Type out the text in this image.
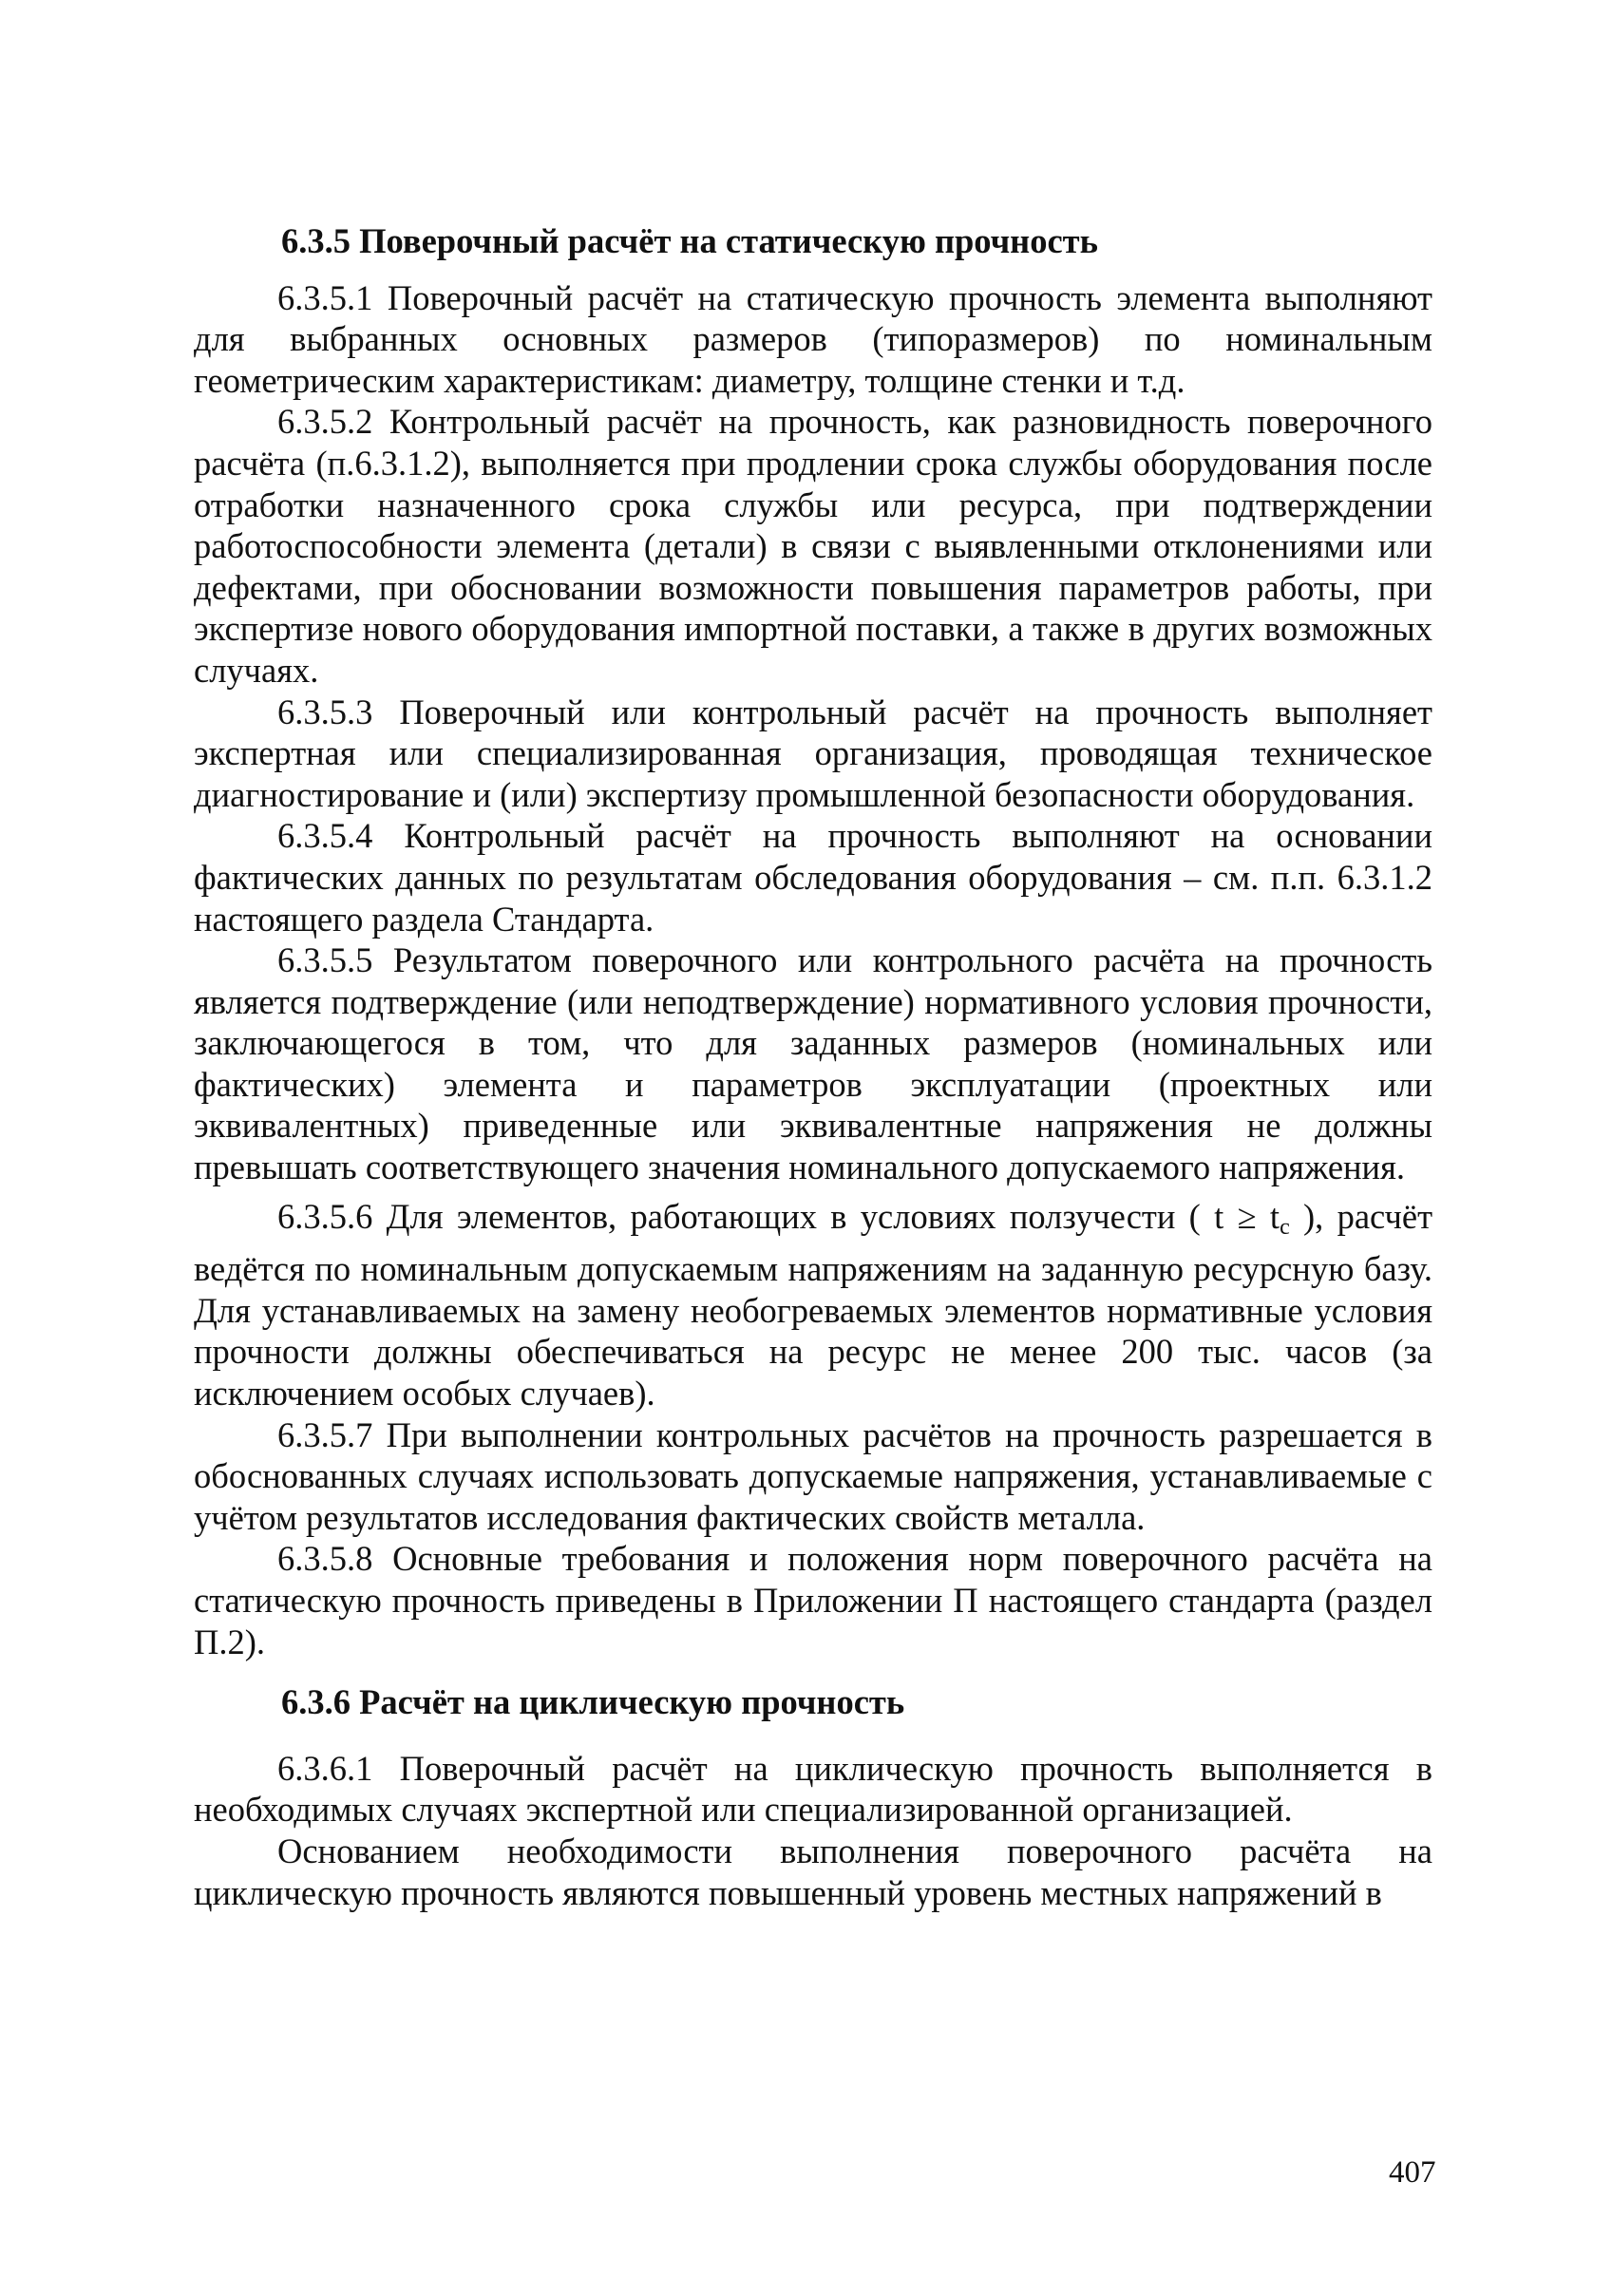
6.3.5 Поверочный расчёт на статическую прочность

6.3.5.1 Поверочный расчёт на статическую прочность элемента выполняют для выбранных основных размеров (типоразмеров) по номинальным геометрическим характеристикам: диаметру, толщине стенки и т.д.

6.3.5.2 Контрольный расчёт на прочность, как разновидность поверочного расчёта (п.6.3.1.2), выполняется при продлении срока службы оборудования после отработки назначенного срока службы или ресурса, при подтверждении работоспособности элемента (детали) в связи с выявленными отклонениями или дефектами, при обосновании возможности повышения параметров работы, при экспертизе нового оборудования импортной поставки, а также в других возможных случаях.

6.3.5.3 Поверочный или контрольный расчёт на прочность выполняет экспертная или специализированная организация, проводящая техническое диагностирование и (или) экспертизу промышленной безопасности оборудования.

6.3.5.4 Контрольный расчёт на прочность выполняют на основании фактических данных по результатам обследования оборудования – см. п.п. 6.3.1.2 настоящего раздела Стандарта.

6.3.5.5 Результатом поверочного или контрольного расчёта на прочность является подтверждение (или неподтверждение) нормативного условия прочности, заключающегося в том, что для заданных размеров (номинальных или фактических) элемента и параметров эксплуатации (проектных или эквивалентных) приведенные или эквивалентные напряжения не должны превышать соответствующего значения номинального допускаемого напряжения.

6.3.5.6 Для элементов, работающих в условиях ползучести ( $t \ge t_c$ ), расчёт ведётся по номинальным допускаемым напряжениям на заданную ресурсную базу. Для устанавливаемых на замену необогреваемых элементов нормативные условия прочности должны обеспечиваться на ресурс не менее 200 тыс. часов (за исключением особых случаев).

6.3.5.7 При выполнении контрольных расчётов на прочность разрешается в обоснованных случаях использовать допускаемые напряжения, устанавливаемые с учётом результатов исследования фактических свойств металла.

6.3.5.8 Основные требования и положения норм поверочного расчёта на статическую прочность приведены в Приложении П настоящего стандарта (раздел П.2).

6.3.6 Расчёт на циклическую прочность

6.3.6.1 Поверочный расчёт на циклическую прочность выполняется в необходимых случаях экспертной или специализированной организацией.

Основанием необходимости выполнения поверочного расчёта на циклическую прочность являются повышенный уровень местных напряжений в

407
